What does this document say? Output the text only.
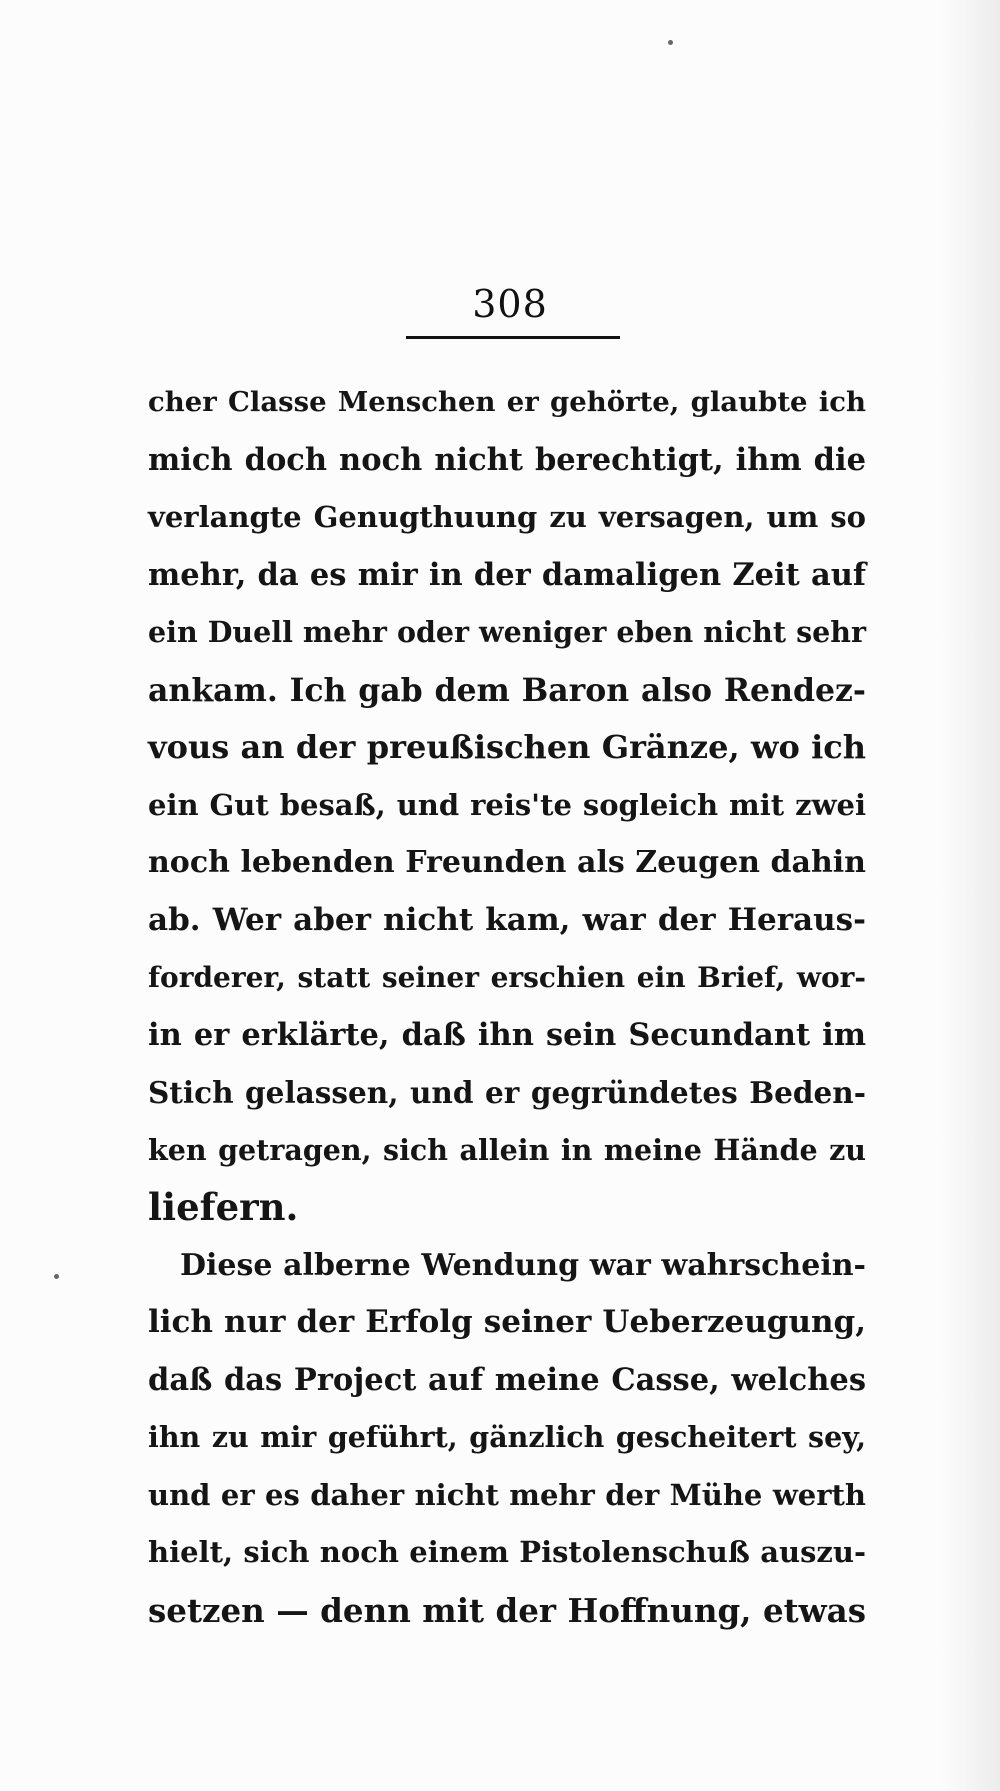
308
cher Classe Menschen er gehörte, glaubte ich
mich doch noch nicht berechtigt, ihm die
verlangte Genugthuung zu versagen, um so
mehr, da es mir in der damaligen Zeit auf
ein Duell mehr oder weniger eben nicht sehr
ankam. Ich gab dem Baron also Rendez-
vous an der preußischen Gränze, wo ich
ein Gut besaß, und reis'te sogleich mit zwei
noch lebenden Freunden als Zeugen dahin
ab. Wer aber nicht kam, war der Heraus-
forderer, statt seiner erschien ein Brief, wor-
in er erklärte, daß ihn sein Secundant im
Stich gelassen, und er gegründetes Beden-
ken getragen, sich allein in meine Hände zu
liefern.
Diese alberne Wendung war wahrschein-
lich nur der Erfolg seiner Ueberzeugung,
daß das Project auf meine Casse, welches
ihn zu mir geführt, gänzlich gescheitert sey,
und er es daher nicht mehr der Mühe werth
hielt, sich noch einem Pistolenschuß auszu-
setzen — denn mit der Hoffnung, etwas
